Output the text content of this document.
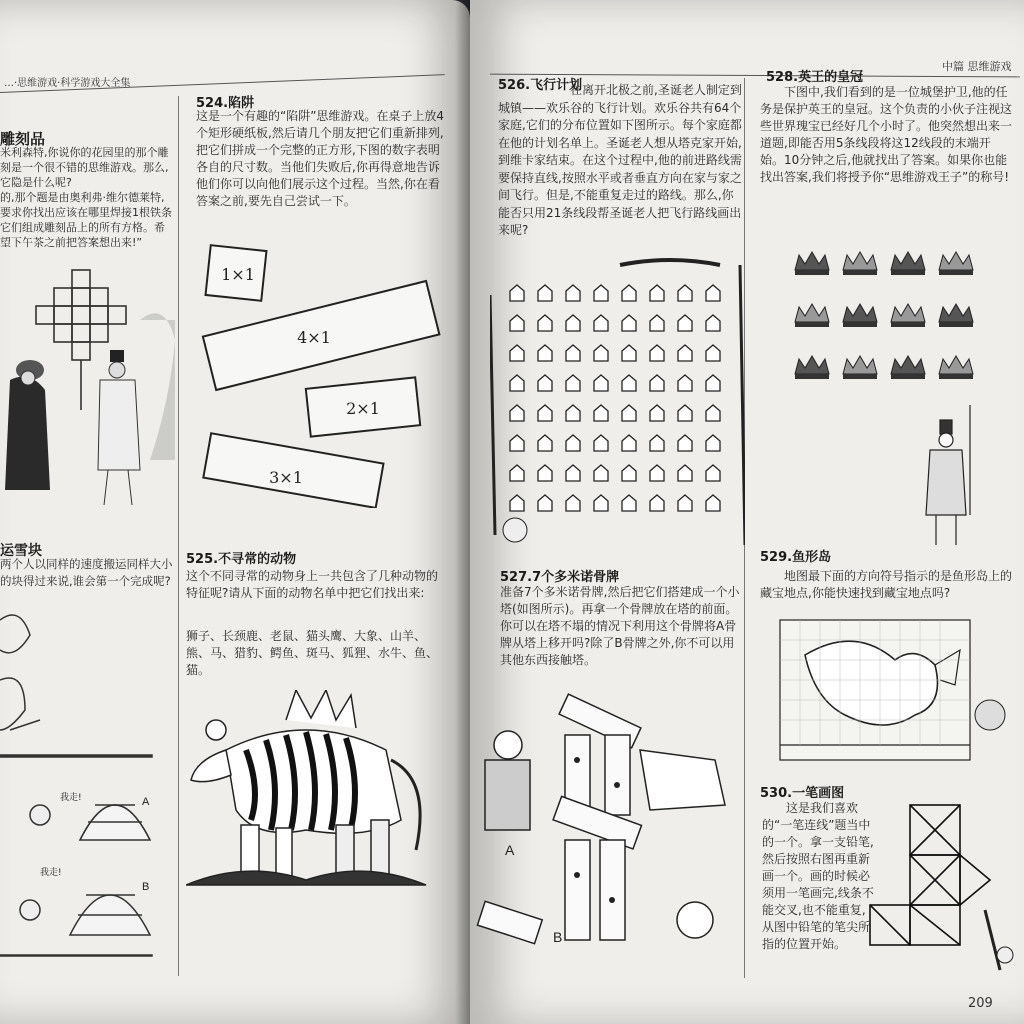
…·思维游戏·科学游戏大全集
雕刻品
米利森特,你说你的花园里的那个雕刻是一个很不错的思维游戏。那么,它隐是什么呢?
的,那个题是由奥利弗·维尔德莱特,要求你找出应该在哪里焊接1根铁条它们组成雕刻品上的所有方格。希望下午茶之前把答案想出来!”
运雪块
两个人以同样的速度搬运同样大小的块得过来说,谁会第一个完成呢?
A
B
我走!
我走!
524.陷阱
这是一个有趣的“陷阱”思维游戏。在桌子上放4个矩形硬纸板,然后请几个朋友把它们重新排列,把它们拼成一个完整的正方形,下图的数字表明各自的尺寸数。当他们失败后,你再得意地告诉他们你可以向他们展示这个过程。当然,你在看答案之前,要先自己尝试一下。
1×1
4×1
2×1
3×1
525.不寻常的动物
这个不同寻常的动物身上一共包含了几种动物的特征呢?请从下面的动物名单中把它们找出来:
狮子、长颈鹿、老鼠、猫头鹰、大象、山羊、熊、马、猎豹、鳄鱼、斑马、狐狸、水牛、鱼、猫。
中篇 思维游戏
526.飞行计划
在离开北极之前,圣诞老人制定到城镇——欢乐谷的飞行计划。欢乐谷共有64个家庭,它们的分布位置如下图所示。每个家庭都在他的计划名单上。圣诞老人想从塔克家开始,到维卡家结束。在这个过程中,他的前进路线需要保持直线,按照水平或者垂直方向在家与家之间飞行。但是,不能重复走过的路线。那么,你能否只用21条线段帮圣诞老人把飞行路线画出来呢?
527.7个多米诺骨牌
准备7个多米诺骨牌,然后把它们搭建成一个小塔(如图所示)。再拿一个骨牌放在塔的前面。你可以在塔不塌的情况下利用这个骨牌将A骨牌从塔上移开吗?除了B骨牌之外,你不可以用其他东西接触塔。
A
B
528.英王的皇冠
下图中,我们看到的是一位城堡护卫,他的任务是保护英王的皇冠。这个负责的小伙子注视这些世界瑰宝已经好几个小时了。他突然想出来一道题,即能否用5条线段将这12线段的末端开始。10分钟之后,他就找出了答案。如果你也能找出答案,我们将授予你“思维游戏王子”的称号!
529.鱼形岛
地图最下面的方向符号指示的是鱼形岛上的藏宝地点,你能快速找到藏宝地点吗?
530.一笔画图
这是我们喜欢的“一笔连线”题当中的一个。拿一支铅笔,然后按照右图再重新画一个。画的时候必须用一笔画完,线条不能交叉,也不能重复,从图中铅笔的笔尖所指的位置开始。
209
